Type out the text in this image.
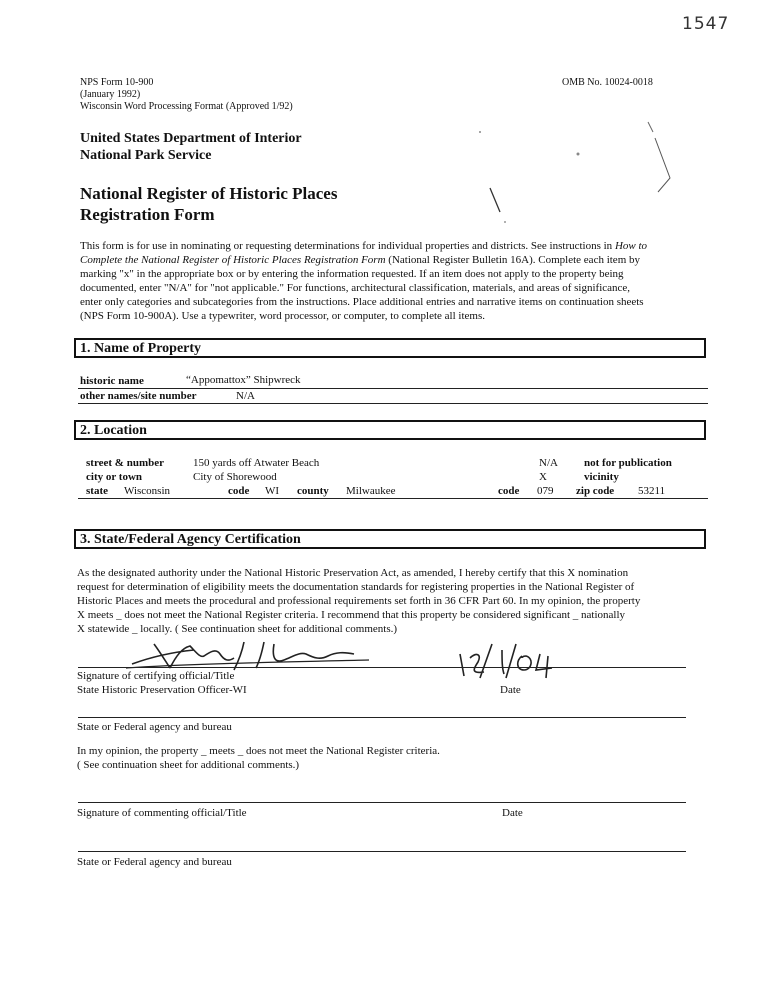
1547
NPS Form 10-900
(January 1992)
Wisconsin Word Processing Format (Approved 1/92)
OMB No. 10024-0018
United States Department of Interior
National Park Service
National Register of Historic Places
Registration Form
This form is for use in nominating or requesting determinations for individual properties and districts. See instructions in How to
Complete the National Register of Historic Places Registration Form (National Register Bulletin 16A). Complete each item by
marking "x" in the appropriate box or by entering the information requested. If an item does not apply to the property being
documented, enter "N/A" for "not applicable." For functions, architectural classification, materials, and areas of significance,
enter only categories and subcategories from the instructions. Place additional entries and narrative items on continuation sheets
(NPS Form 10-900A). Use a typewriter, word processor, or computer, to complete all items.
1. Name of Property
historic name	“Appomattox” Shipwreck
other names/site number	N/A
2. Location
street & number	150 yards off Atwater Beach	N/A not for publication
city or town	City of Shorewood	X	vicinity
state Wisconsin	code WI county Milwaukee	code 079 zip code 53211
3. State/Federal Agency Certification
As the designated authority under the National Historic Preservation Act, as amended, I hereby certify that this X nomination
request for determination of eligibility meets the documentation standards for registering properties in the National Register of
Historic Places and meets the procedural and professional requirements set forth in 36 CFR Part 60. In my opinion, the property
X meets _ does not meet the National Register criteria. I recommend that this property be considered significant _ nationally
X statewide _ locally. ( See continuation sheet for additional comments.)
Signature of certifying official/Title
State Historic Preservation Officer-WI	Date
State or Federal agency and bureau
In my opinion, the property _ meets _ does not meet the National Register criteria.
( See continuation sheet for additional comments.)
Signature of commenting official/Title	Date
State or Federal agency and bureau
